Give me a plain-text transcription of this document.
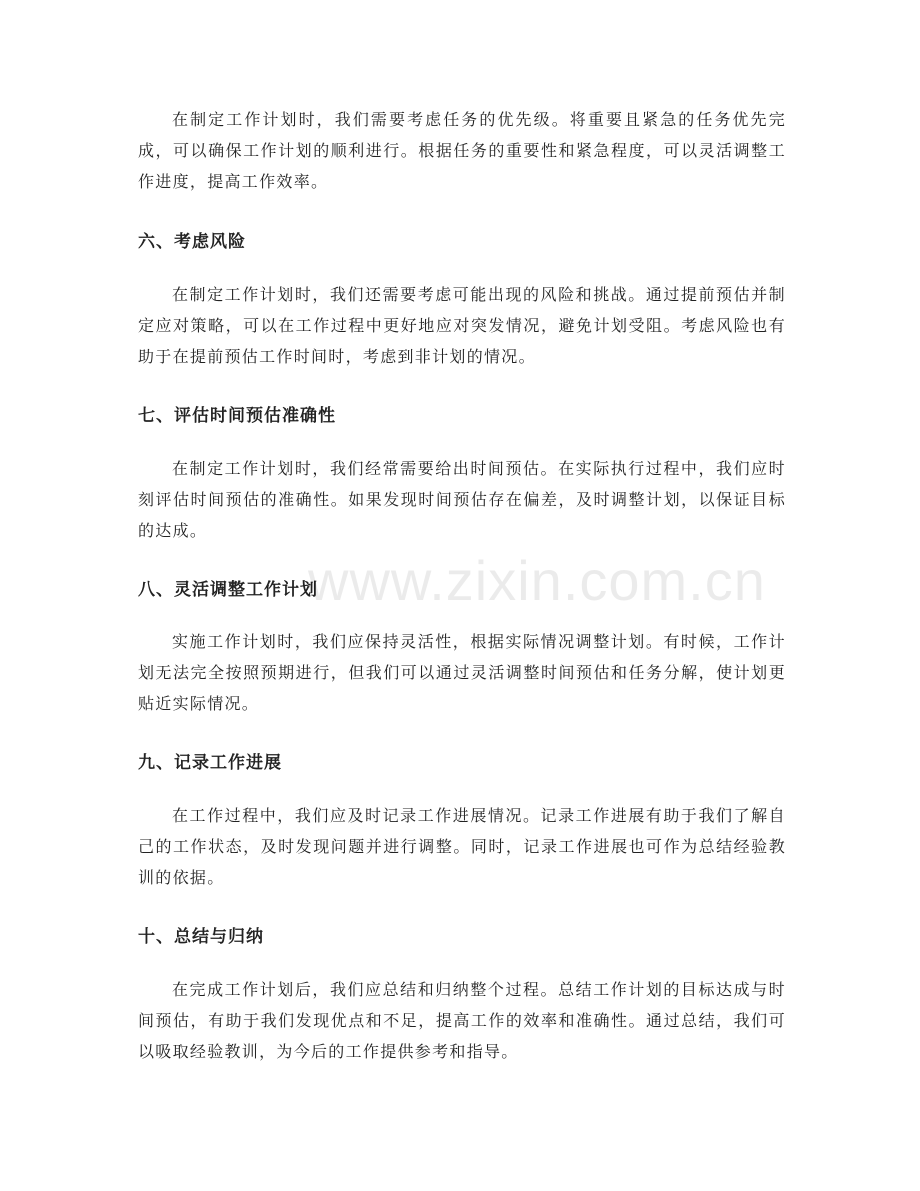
在制定工作计划时，我们需要考虑任务的优先级。将重要且紧急的任务优先完成，可以确保工作计划的顺利进行。根据任务的重要性和紧急程度，可以灵活调整工作进度，提高工作效率。

六、考虑风险

在制定工作计划时，我们还需要考虑可能出现的风险和挑战。通过提前预估并制定应对策略，可以在工作过程中更好地应对突发情况，避免计划受阻。考虑风险也有助于在提前预估工作时间时，考虑到非计划的情况。

七、评估时间预估准确性

在制定工作计划时，我们经常需要给出时间预估。在实际执行过程中，我们应时刻评估时间预估的准确性。如果发现时间预估存在偏差，及时调整计划，以保证目标的达成。

八、灵活调整工作计划

实施工作计划时，我们应保持灵活性，根据实际情况调整计划。有时候，工作计划无法完全按照预期进行，但我们可以通过灵活调整时间预估和任务分解，使计划更贴近实际情况。

九、记录工作进展

在工作过程中，我们应及时记录工作进展情况。记录工作进展有助于我们了解自己的工作状态，及时发现问题并进行调整。同时，记录工作进展也可作为总结经验教训的依据。

十、总结与归纳

在完成工作计划后，我们应总结和归纳整个过程。总结工作计划的目标达成与时间预估，有助于我们发现优点和不足，提高工作的效率和准确性。通过总结，我们可以吸取经验教训，为今后的工作提供参考和指导。

www.zixin.com.cn
